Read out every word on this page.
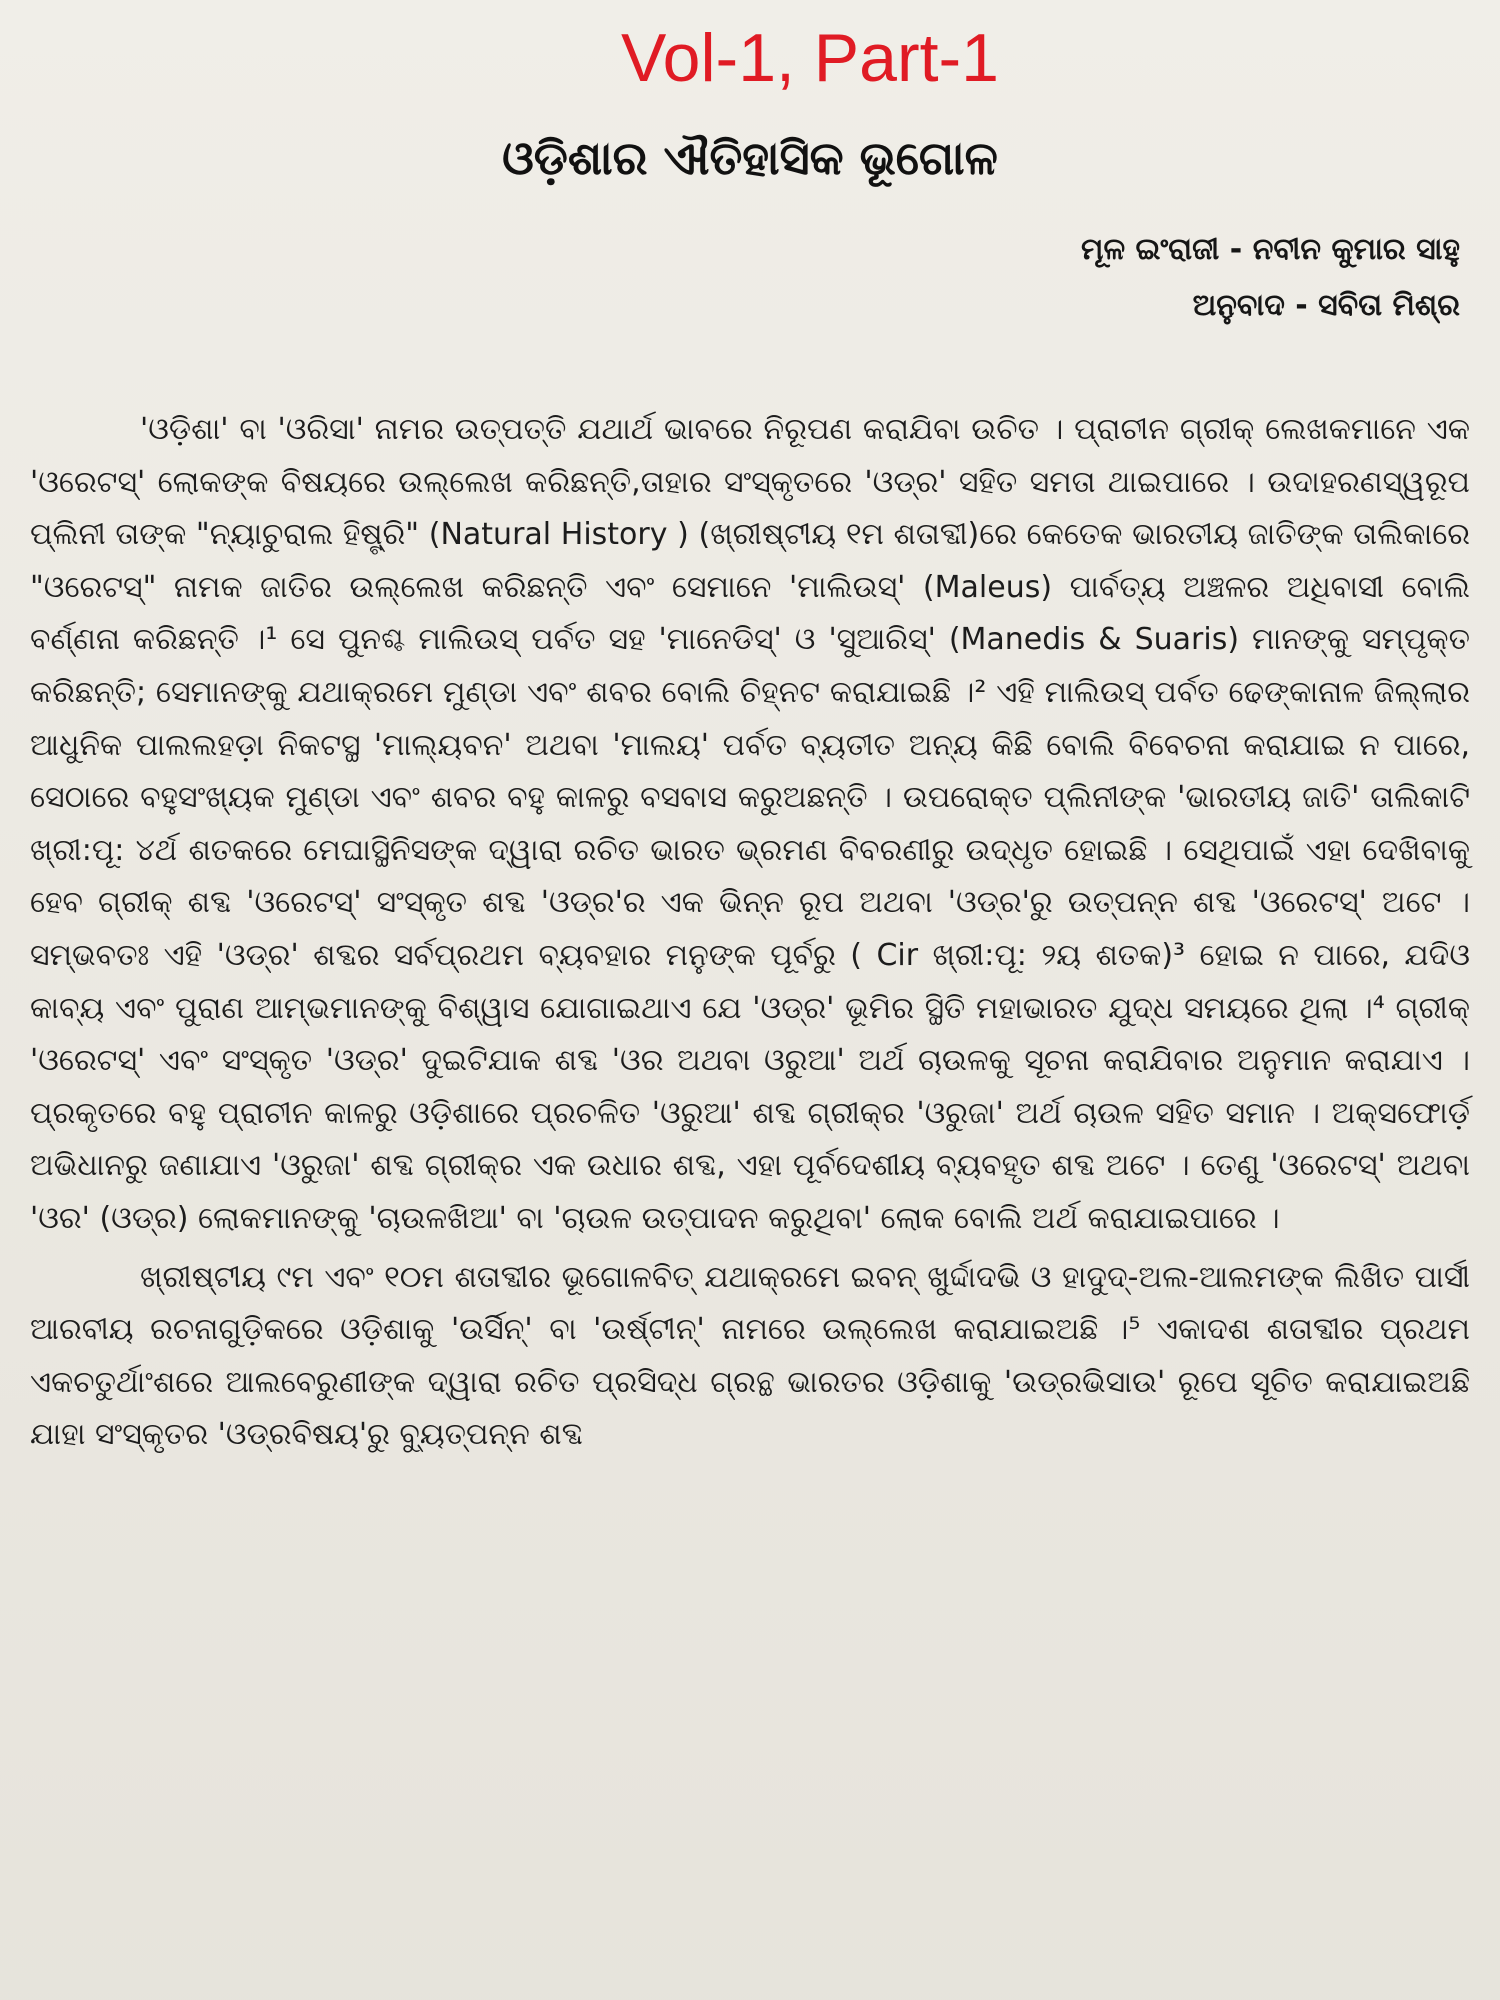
Vol-1, Part-1
ଓଡ଼ିଶାର ଐତିହାସିକ ଭୂଗୋଳ
ମୂଳ ଇଂରାଜୀ - ନବୀନ କୁମାର ସାହୁ
ଅନୁବାଦ - ସବିତା ମିଶ୍ର

'ଓଡ଼ିଶା' ବା 'ଓରିସା' ନାମର ଉତ୍ପତ୍ତି ଯଥାର୍ଥ ଭାବରେ ନିରୂପଣ କରାଯିବା ଉଚିତ । ପ୍ରାଚୀନ ଗ୍ରୀକ୍ ଲେଖକମାନେ ଏକ 'ଓରେଟସ୍' ଲୋକଙ୍କ ବିଷୟରେ ଉଲ୍ଲେଖ କରିଛନ୍ତି,ତାହାର ସଂସ୍କୃତରେ 'ଓଡ୍ର' ସହିତ ସମତା ଥାଇପାରେ । ଉଦାହରଣସ୍ୱରୂପ ପ୍ଲିନୀ ତାଙ୍କ "ନ୍ୟାଚୁରାଲ ହିଷ୍ଟ୍ରି" (Natural History ) (ଖ୍ରୀଷ୍ଟୀୟ ୧ମ ଶତାବ୍ଦୀ)ରେ କେତେକ ଭାରତୀୟ ଜାତିଙ୍କ ତାଲିକାରେ "ଓରେଟସ୍" ନାମକ ଜାତିର ଉଲ୍ଲେଖ କରିଛନ୍ତି ଏବଂ ସେମାନେ 'ମାଲିଉସ୍' (Maleus) ପାର୍ବତ୍ୟ ଅଞ୍ଚଳର ଅଧିବାସୀ ବୋଲି ବର୍ଣ୍ଣନା କରିଛନ୍ତି ।¹ ସେ ପୁନଶ୍ଚ ମାଲିଉସ୍ ପର୍ବତ ସହ 'ମାନେଡିସ୍' ଓ 'ସୁଆରିସ୍' (Manedis & Suaris) ମାନଙ୍କୁ ସମ୍ପୃକ୍ତ କରିଛନ୍ତି; ସେମାନଙ୍କୁ ଯଥାକ୍ରମେ ମୁଣ୍ଡା ଏବଂ ଶବର ବୋଲି ଚିହ୍ନଟ କରାଯାଇଛି ।² ଏହି ମାଲିଉସ୍ ପର୍ବତ ଢେଙ୍କାନାଳ ଜିଲ୍ଲାର ଆଧୁନିକ ପାଲଲହଡ଼ା ନିକଟସ୍ଥ 'ମାଲ୍ୟବନ' ଅଥବା 'ମାଲୟ' ପର୍ବତ ବ୍ୟତୀତ ଅନ୍ୟ କିଛି ବୋଲି ବିବେଚନା କରାଯାଇ ନ ପାରେ, ସେଠାରେ ବହୁସଂଖ୍ୟକ ମୁଣ୍ଡା ଏବଂ ଶବର ବହୁ କାଳରୁ ବସବାସ କରୁଅଛନ୍ତି । ଉପରୋକ୍ତ ପ୍ଲିନୀଙ୍କ 'ଭାରତୀୟ ଜାତି' ତାଲିକାଟି ଖ୍ରୀ:ପୂ: ୪ର୍ଥ ଶତକରେ ମେଘାସ୍ଥିନିସଙ୍କ ଦ୍ୱାରା ରଚିତ ଭାରତ ଭ୍ରମଣ ବିବରଣୀରୁ ଉଦ୍ଧୃତ ହୋଇଛି । ସେଥିପାଇଁ ଏହା ଦେଖିବାକୁ ହେବ ଗ୍ରୀକ୍ ଶବ୍ଦ 'ଓରେଟସ୍' ସଂସ୍କୃତ ଶବ୍ଦ 'ଓଡ୍ର'ର ଏକ ଭିନ୍ନ ରୂପ ଅଥବା 'ଓଡ୍ର'ରୁ ଉତ୍ପନ୍ନ ଶବ୍ଦ 'ଓରେଟସ୍' ଅଟେ । ସମ୍ଭବତଃ ଏହି 'ଓଡ୍ର' ଶବ୍ଦର ସର୍ବପ୍ରଥମ ବ୍ୟବହାର ମନୁଙ୍କ ପୂର୍ବରୁ ( Cir ଖ୍ରୀ:ପୂ: ୨ୟ ଶତକ)³ ହୋଇ ନ ପାରେ, ଯଦିଓ କାବ୍ୟ ଏବଂ ପୁରାଣ ଆମ୍ଭମାନଙ୍କୁ ବିଶ୍ୱାସ ଯୋଗାଇଥାଏ ଯେ 'ଓଡ୍ର' ଭୂମିର ସ୍ଥିତି ମହାଭାରତ ଯୁଦ୍ଧ ସମୟରେ ଥିଲା ।⁴ ଗ୍ରୀକ୍ 'ଓରେଟସ୍' ଏବଂ ସଂସ୍କୃତ 'ଓଡ୍ର' ଦୁଇଟିଯାକ ଶବ୍ଦ 'ଓର ଅଥବା ଓରୁଆ' ଅର୍ଥ ଚାଉଳକୁ ସୂଚନା କରାଯିବାର ଅନୁମାନ କରାଯାଏ । ପ୍ରକୃତରେ ବହୁ ପ୍ରାଚୀନ କାଳରୁ ଓଡ଼ିଶାରେ ପ୍ରଚଳିତ 'ଓରୁଆ' ଶବ୍ଦ ଗ୍ରୀକ୍ର 'ଓରୁଜା' ଅର୍ଥ ଚାଉଳ ସହିତ ସମାନ । ଅକ୍ସଫୋର୍ଡ଼ ଅଭିଧାନରୁ ଜଣାଯାଏ 'ଓରୁଜା' ଶବ୍ଦ ଗ୍ରୀକ୍ର ଏକ ଉଧାର ଶବ୍ଦ, ଏହା ପୂର୍ବଦେଶୀୟ ବ୍ୟବହୃତ ଶବ୍ଦ ଅଟେ । ତେଣୁ 'ଓରେଟସ୍' ଅଥବା 'ଓର' (ଓଡ୍ର) ଲୋକମାନଙ୍କୁ 'ଚାଉଳଖିଆ' ବା 'ଚାଉଳ ଉତ୍ପାଦନ କରୁଥିବା' ଲୋକ ବୋଲି ଅର୍ଥ କରାଯାଇପାରେ ।

ଖ୍ରୀଷ୍ଟୀୟ ୯ମ ଏବଂ ୧୦ମ ଶତାବ୍ଦୀର ଭୂଗୋଳବିତ୍ ଯଥାକ୍ରମେ ଇବନ୍ ଖୁର୍ଦ୍ଦାଦଭି ଓ ହାଦୁଦ୍-ଅଲ-ଆଲମଙ୍କ ଲିଖିତ ପାର୍ସୀ ଆରବୀୟ ରଚନାଗୁଡ଼ିକରେ ଓଡ଼ିଶାକୁ 'ଉର୍ସିନ୍' ବା 'ଉର୍ଷ୍ଟୀନ୍' ନାମରେ ଉଲ୍ଲେଖ କରାଯାଇଅଛି ।⁵ ଏକାଦଶ ଶତାବ୍ଦୀର ପ୍ରଥମ ଏକଚତୁର୍ଥାଂଶରେ ଆଲବେରୁଣୀଙ୍କ ଦ୍ୱାରା ରଚିତ ପ୍ରସିଦ୍ଧ ଗ୍ରନ୍ଥ ଭାରତର ଓଡ଼ିଶାକୁ 'ଉଡ୍ରଭିସାଉ' ରୂପେ ସୂଚିତ କରାଯାଇଅଛି ଯାହା ସଂସ୍କୃତର 'ଓଡ୍ରବିଷୟ'ରୁ ବ୍ୟୁତ୍ପନ୍ନ ଶବ୍ଦ
